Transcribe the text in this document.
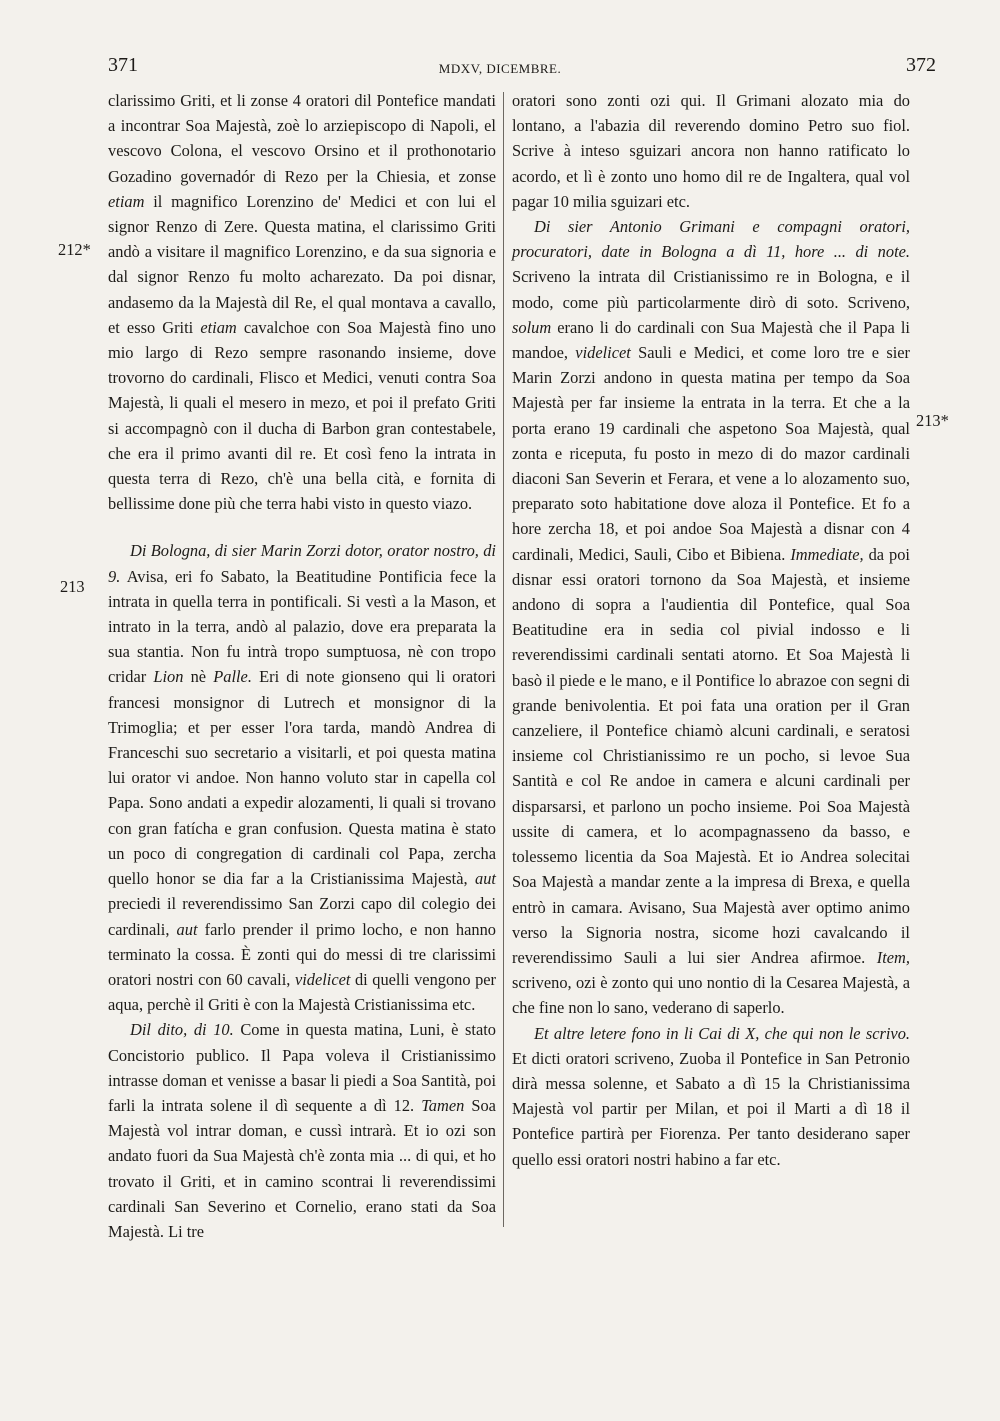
371	MDXV, DICEMBRE.	372
212*
213
213*

clarissimo Griti, et li zonse 4 oratori dil Pontefice mandati a incontrar Soa Majestà, zoè lo arziepiscopo di Napoli, el vescovo Colona, el vescovo Orsino et il prothonotario Gozadino governadór di Rezo per la Chiesia, et zonse etiam il magnifico Lorenzino de' Medici et con lui el signor Renzo di Zere. Questa matina, el clarissimo Griti andò a visitare il magnifico Lorenzino, e da sua signoria e dal signor Renzo fu molto acharezato. Da poi disnar, andasemo da la Majestà dil Re, el qual montava a cavallo, et esso Griti etiam cavalchoe con Soa Majestà fino uno mio largo di Rezo sempre rasonando insieme, dove trovorno do cardinali, Flisco et Medici, venuti contra Soa Majestà, li quali el mesero in mezo, et poi il prefato Griti si accompagnò con il ducha di Barbon gran contestabele, che era il primo avanti dil re. Et così feno la intrata in questa terra di Rezo, ch'è una bella cità, e fornita di bellissime done più che terra habi visto in questo viazo.

Di Bologna, di sier Marin Zorzi dotor, orator nostro, di 9. Avisa, eri fo Sabato, la Beatitudine Pontificia fece la intrata in quella terra in pontificali. Si vestì a la Mason, et intrato in la terra, andò al palazio, dove era preparata la sua stantia. Non fu intrà tropo sumptuosa, nè con tropo cridar Lion nè Palle. Eri di note gionseno qui li oratori francesi monsignor di Lutrech et monsignor di la Trimoglia; et per esser l'ora tarda, mandò Andrea di Franceschi suo secretario a visitarli, et poi questa matina lui orator vi andoe. Non hanno voluto star in capella col Papa. Sono andati a expedir alozamenti, li quali si trovano con gran fatícha e gran confusion. Questa matina è stato un poco di congregation di cardinali col Papa, zercha quello honor se dia far a la Cristianissima Majestà, aut preciedi il reverendissimo San Zorzi capo dil colegio dei cardinali, aut farlo prender il primo locho, e non hanno terminato la cossa. È zonti qui do messi di tre clarissimi oratori nostri con 60 cavali, videlicet di quelli vengono per aqua, perchè il Griti è con la Majestà Cristianissima etc.

Dil dito, di 10. Come in questa matina, Luni, è stato Concistorio publico. Il Papa voleva il Cristianissimo intrasse doman et venisse a basar li piedi a Soa Santità, poi farli la intrata solene il dì sequente a dì 12. Tamen Soa Majestà vol intrar doman, e cussì intrarà. Et io ozi son andato fuori da Sua Majestà ch'è zonta mia ... di qui, et ho trovato il Griti, et in camino scontrai li reverendissimi cardinali San Severino et Cornelio, erano stati da Soa Majestà. Li tre

oratori sono zonti ozi qui. Il Grimani alozato mia do lontano, a l'abazia dil reverendo domino Petro suo fiol. Scrive à inteso sguizari ancora non hanno ratificato lo acordo, et lì è zonto uno homo dil re de Ingaltera, qual vol pagar 10 milia sguizari etc.

Di sier Antonio Grimani e compagni oratori, procuratori, date in Bologna a dì 11, hore ... di note. Scriveno la intrata dil Cristianissimo re in Bologna, e il modo, come più particolarmente dirò di soto. Scriveno, solum erano li do cardinali con Sua Majestà che il Papa li mandoe, videlicet Sauli e Medici, et come loro tre e sier Marin Zorzi andono in questa matina per tempo da Soa Majestà per far insieme la entrata in la terra. Et che a la porta erano 19 cardinali che aspetono Soa Majestà, qual zonta e riceputa, fu posto in mezo di do mazor cardinali diaconi San Severin et Ferara, et vene a lo alozamento suo, preparato soto habitatione dove aloza il Pontefice. Et fo a hore zercha 18, et poi andoe Soa Majestà a disnar con 4 cardinali, Medici, Sauli, Cibo et Bibiena. Immediate, da poi disnar essi oratori tornono da Soa Majestà, et insieme andono di sopra a l'audientia dil Pontefice, qual Soa Beatitudine era in sedia col pivial indosso e li reverendissimi cardinali sentati atorno. Et Soa Majestà li basò il piede e le mano, e il Pontifice lo abrazoe con segni di grande benivolentia. Et poi fata una oration per il Gran canzeliere, il Pontefice chiamò alcuni cardinali, e seratosi insieme col Christianissimo re un pocho, si levoe Sua Santità e col Re andoe in camera e alcuni cardinali per disparsarsi, et parlono un pocho insieme. Poi Soa Majestà ussite di camera, et lo acompagnasseno da basso, e tolessemo licentia da Soa Majestà. Et io Andrea solecitai Soa Majestà a mandar zente a la impresa di Brexa, e quella entrò in camara. Avisano, Sua Majestà aver optimo animo verso la Signoria nostra, sicome hozi cavalcando il reverendissimo Sauli a lui sier Andrea afirmoe. Item, scriveno, ozi è zonto qui uno nontio di la Cesarea Majestà, a che fine non lo sano, vederano di saperlo.

Et altre letere fono in li Cai di X, che qui non le scrivo. Et dicti oratori scriveno, Zuoba il Pontefice in San Petronio dirà messa solenne, et Sabato a dì 15 la Christianissima Majestà vol partir per Milan, et poi il Marti a dì 18 il Pontefice partirà per Fiorenza. Per tanto desiderano saper quello essi oratori nostri habino a far etc.
